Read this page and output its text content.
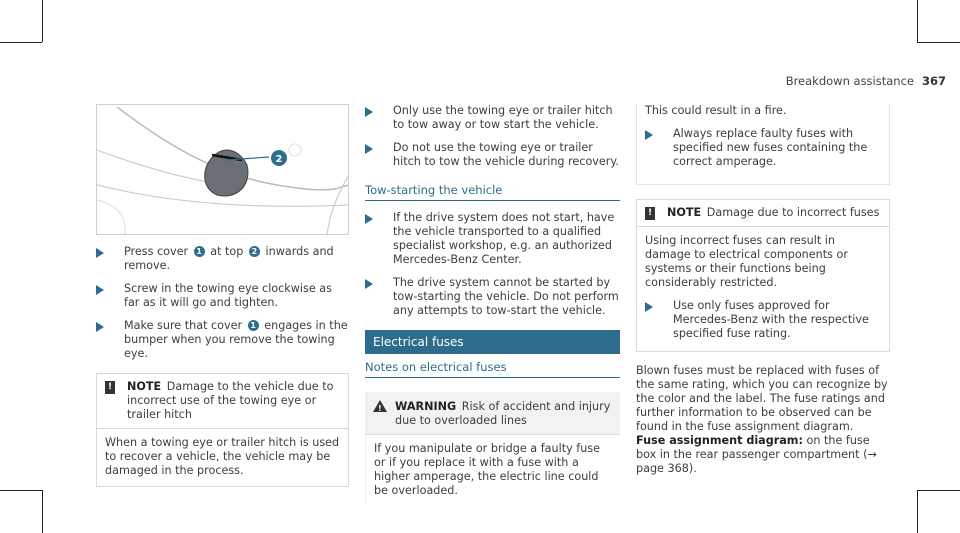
Breakdown assistance 367
2
Press cover 1 at top 2 inwards and remove.
Screw in the towing eye clockwise as far as it will go and tighten.
Make sure that cover 1 engages in the bumper when you remove the towing eye.
! NOTE Damage to the vehicle due to incorrect use of the towing eye or trailer hitch
When a towing eye or trailer hitch is used to recover a vehicle, the vehicle may be damaged in the process.
Only use the towing eye or trailer hitch to tow away or tow start the vehicle.
Do not use the towing eye or trailer hitch to tow the vehicle during recovery.
Tow-starting the vehicle
If the drive system does not start, have the vehicle transported to a qualified specialist workshop, e.g. an authorized Mercedes-Benz Center.
The drive system cannot be started by tow-starting the vehicle. Do not perform any attempts to tow-start the vehicle.
Electrical fuses
Notes on electrical fuses
! WARNING Risk of accident and injury due to overloaded lines
If you manipulate or bridge a faulty fuse or if you replace it with a fuse with a higher amperage, the electric line could be overloaded.
This could result in a fire.
Always replace faulty fuses with specified new fuses containing the correct amperage.
! NOTE Damage due to incorrect fuses
Using incorrect fuses can result in damage to electrical components or systems or their functions being considerably restricted.
Use only fuses approved for Mercedes-Benz with the respective specified fuse rating.
Blown fuses must be replaced with fuses of the same rating, which you can recognize by the color and the label. The fuse ratings and further information to be observed can be found in the fuse assignment diagram.
Fuse assignment diagram: on the fuse box in the rear passenger compartment (→ page 368).
